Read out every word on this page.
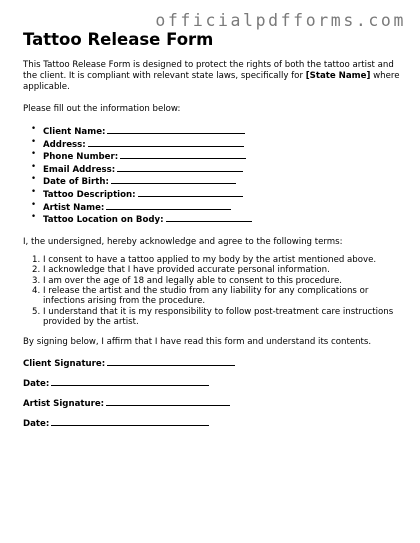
officialpdfforms.com
Tattoo Release Form

This Tattoo Release Form is designed to protect the rights of both the tattoo artist and the client. It is compliant with relevant state laws, specifically for [State Name] where applicable.

Please fill out the information below:

• Client Name:
• Address:
• Phone Number:
• Email Address:
• Date of Birth:
• Tattoo Description:
• Artist Name:
• Tattoo Location on Body:

I, the undersigned, hereby acknowledge and agree to the following terms:

1. I consent to have a tattoo applied to my body by the artist mentioned above.
2. I acknowledge that I have provided accurate personal information.
3. I am over the age of 18 and legally able to consent to this procedure.
4. I release the artist and the studio from any liability for any complications or infections arising from the procedure.
5. I understand that it is my responsibility to follow post-treatment care instructions provided by the artist.

By signing below, I affirm that I have read this form and understand its contents.

Client Signature:
Date:
Artist Signature:
Date:
